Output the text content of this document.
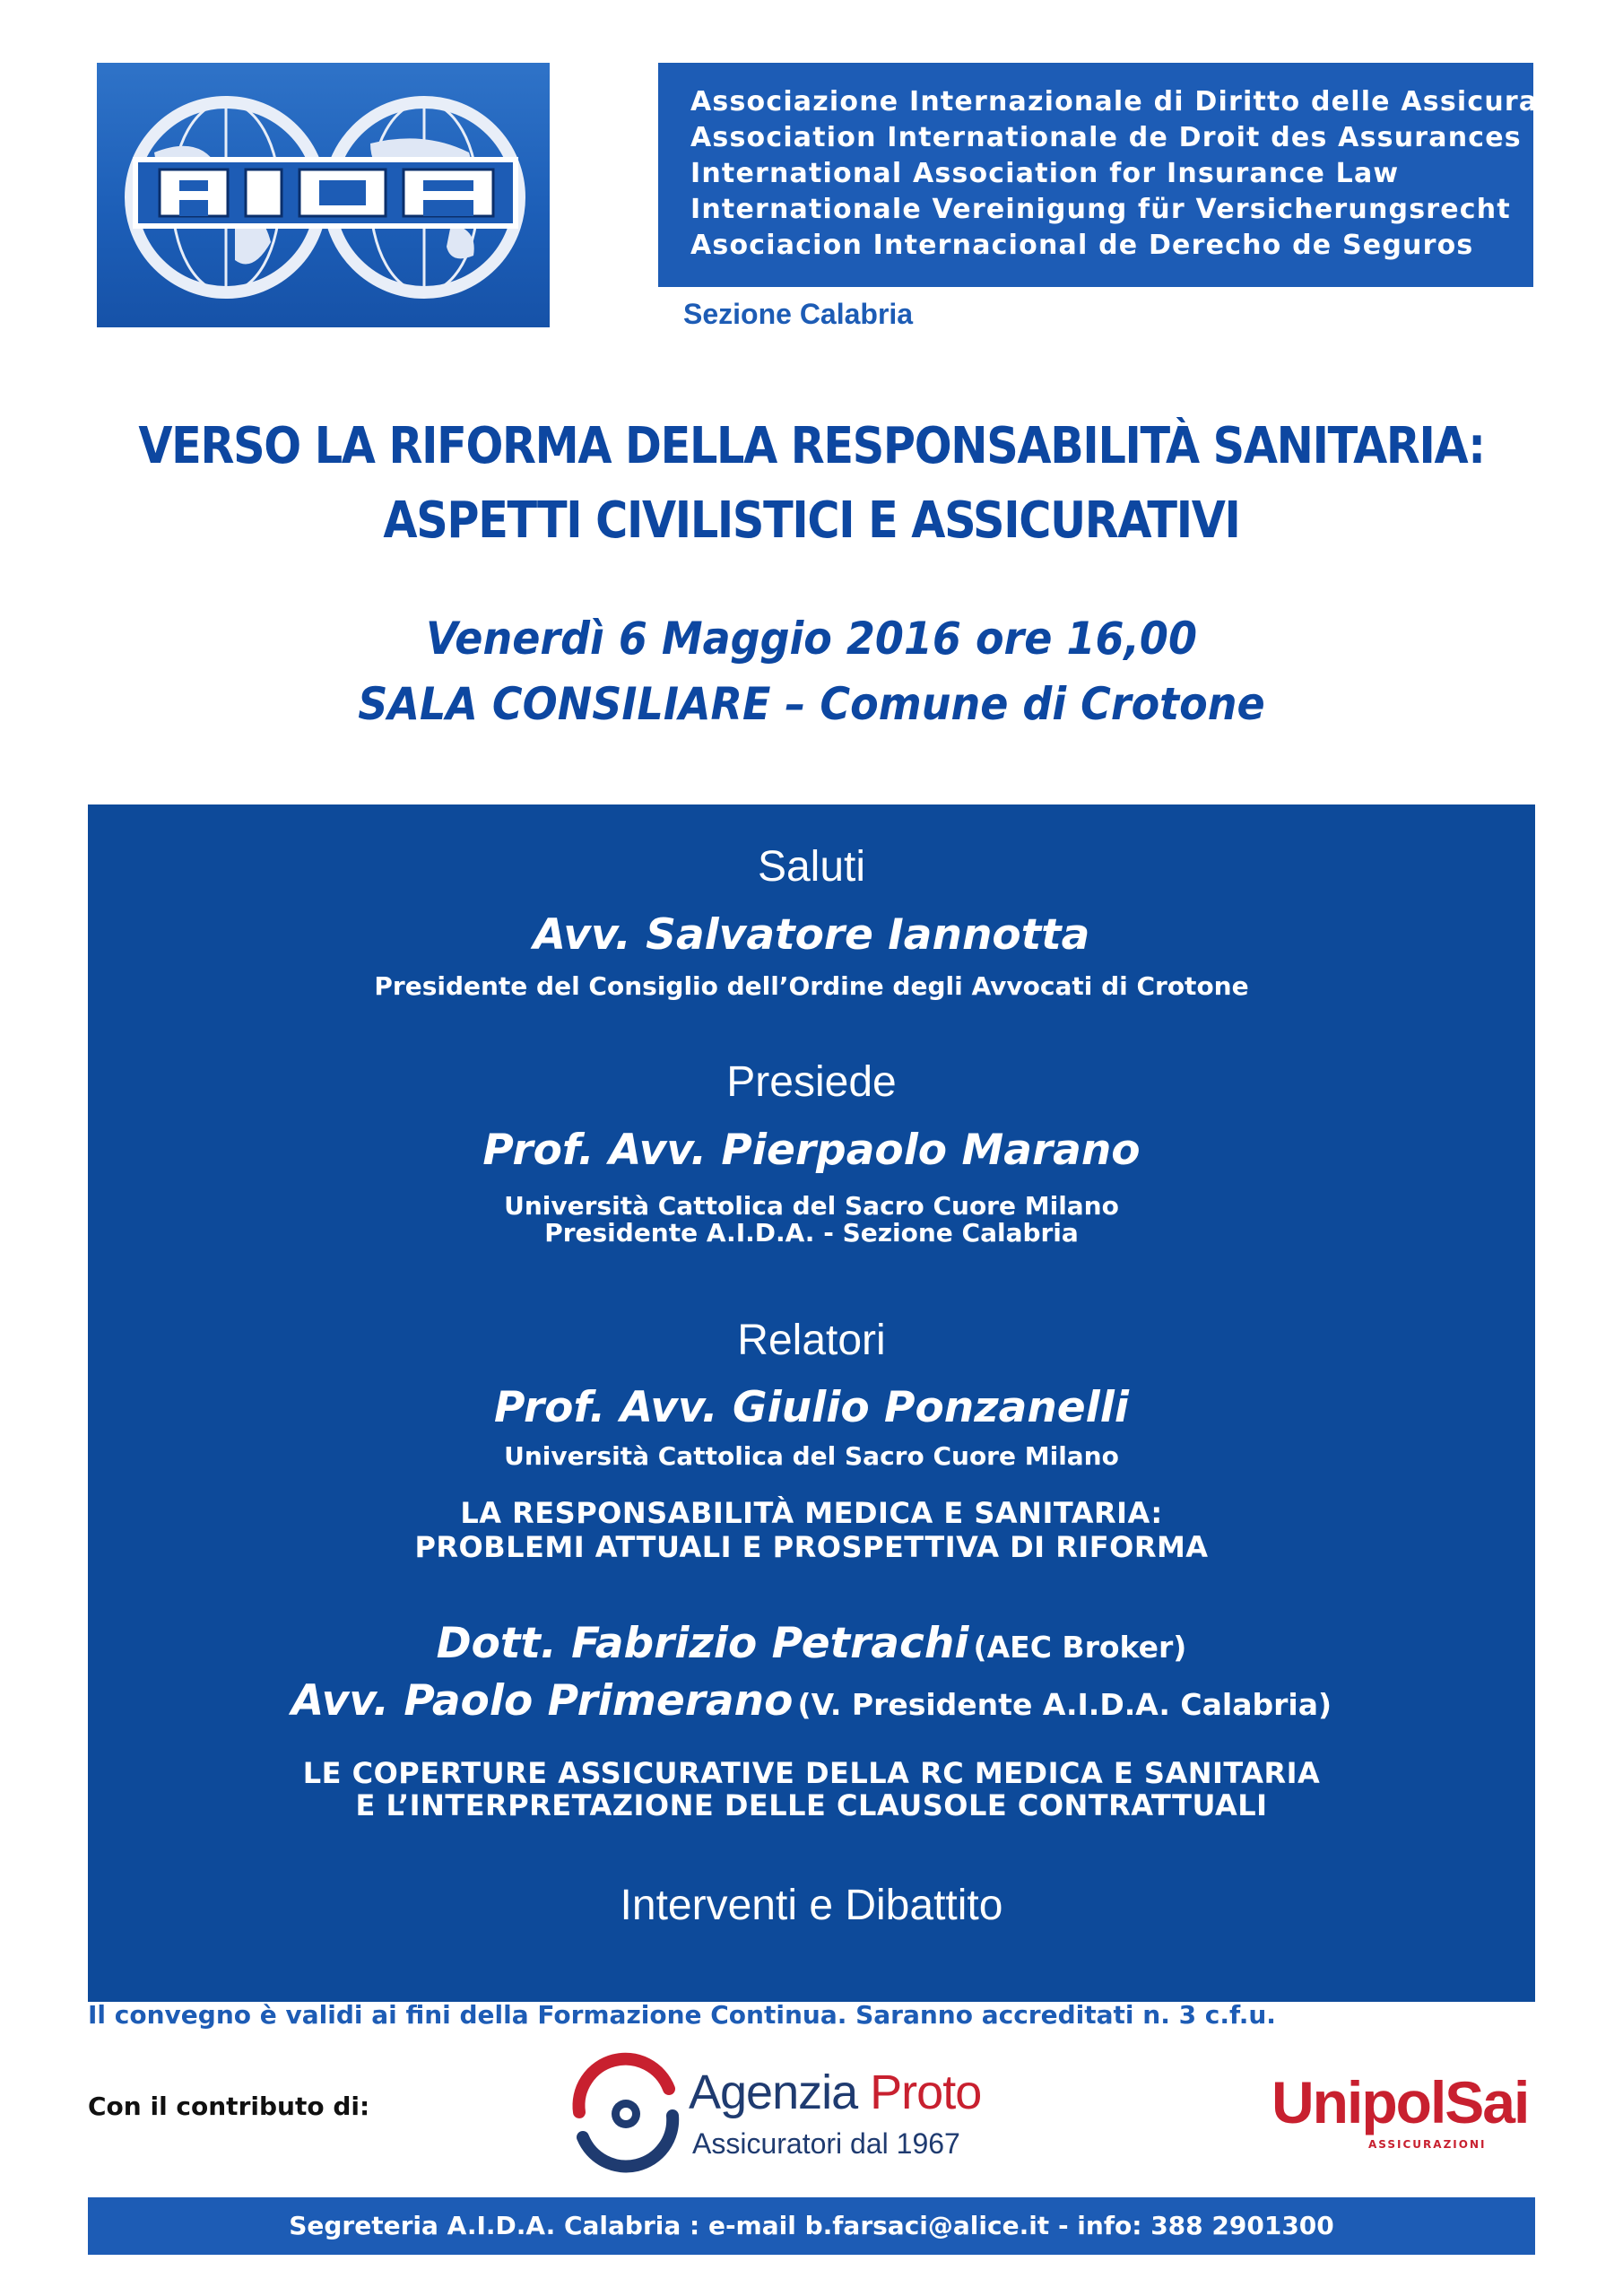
Associazione Internazionale di Diritto delle Assicurazioni
Association Internationale de Droit des Assurances
International Association for Insurance Law
Internationale Vereinigung für Versicherungsrecht
Asociacion Internacional de Derecho de Seguros
Sezione Calabria
VERSO LA RIFORMA DELLA RESPONSABILITÀ SANITARIA:
ASPETTI CIVILISTICI E ASSICURATIVI
Venerdì 6 Maggio 2016 ore 16,00
SALA CONSILIARE – Comune di Crotone
Saluti
Avv. Salvatore Iannotta
Presidente del Consiglio dell’Ordine degli Avvocati di Crotone
Presiede
Prof. Avv. Pierpaolo Marano
Università Cattolica del Sacro Cuore Milano
Presidente A.I.D.A. - Sezione Calabria
Relatori
Prof. Avv. Giulio Ponzanelli
Università Cattolica del Sacro Cuore Milano
LA RESPONSABILITÀ MEDICA E SANITARIA:
PROBLEMI ATTUALI E PROSPETTIVA DI RIFORMA
Dott. Fabrizio Petrachi (AEC Broker)
Avv. Paolo Primerano (V. Presidente A.I.D.A. Calabria)
LE COPERTURE ASSICURATIVE DELLA RC MEDICA E SANITARIA
E L’INTERPRETAZIONE DELLE CLAUSOLE CONTRATTUALI
Interventi e Dibattito
Il convegno è validi ai fini della Formazione Continua. Saranno accreditati n. 3 c.f.u.
Con il contributo di:	Agenzia Proto
Assicuratori dal 1967
UnipolSai
ASSICURAZIONI
Segreteria A.I.D.A. Calabria : e-mail b.farsaci@alice.it - info: 388 2901300
